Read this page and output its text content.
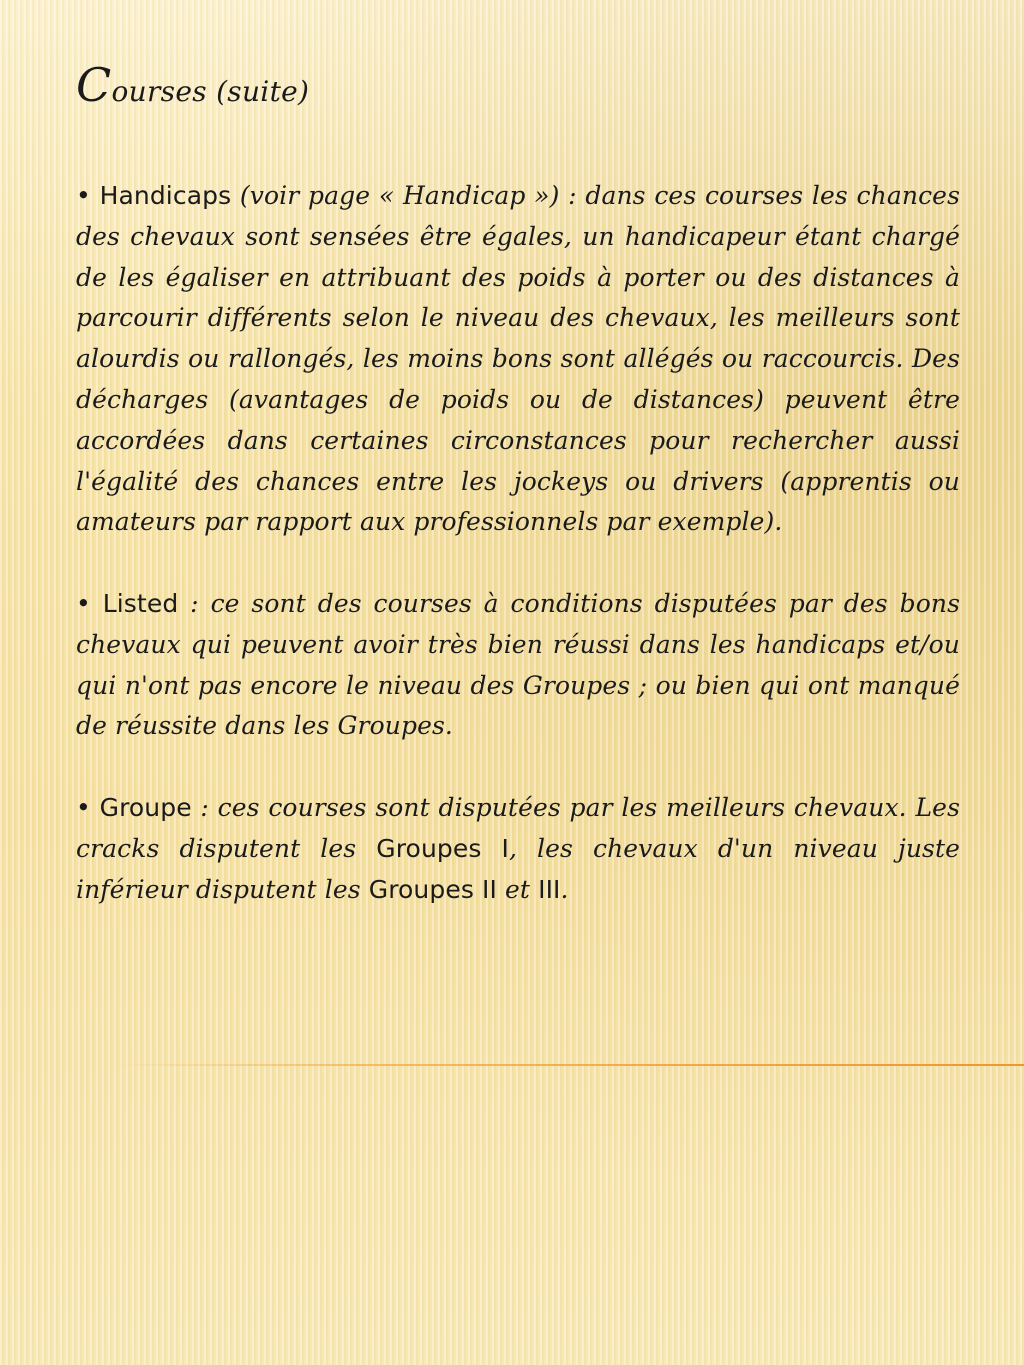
Courses (suite)

• Handicaps (voir page « Handicap ») : dans ces courses les chances des chevaux sont sensées être égales, un handicapeur étant chargé de les égaliser en attribuant des poids à porter ou des distances à parcourir différents selon le niveau des chevaux, les meilleurs sont alourdis ou rallongés, les moins bons sont allégés ou raccourcis. Des décharges (avantages de poids ou de distances) peuvent être accordées dans certaines circonstances pour rechercher aussi l'égalité des chances entre les jockeys ou drivers (apprentis ou amateurs par rapport aux professionnels par exemple).

• Listed : ce sont des courses à conditions disputées par des bons chevaux qui peuvent avoir très bien réussi dans les handicaps et/ou qui n'ont pas encore le niveau des Groupes ; ou bien qui ont manqué de réussite dans les Groupes.

• Groupe : ces courses sont disputées par les meilleurs chevaux. Les cracks disputent les Groupes I, les chevaux d'un niveau juste inférieur disputent les Groupes II et III.
